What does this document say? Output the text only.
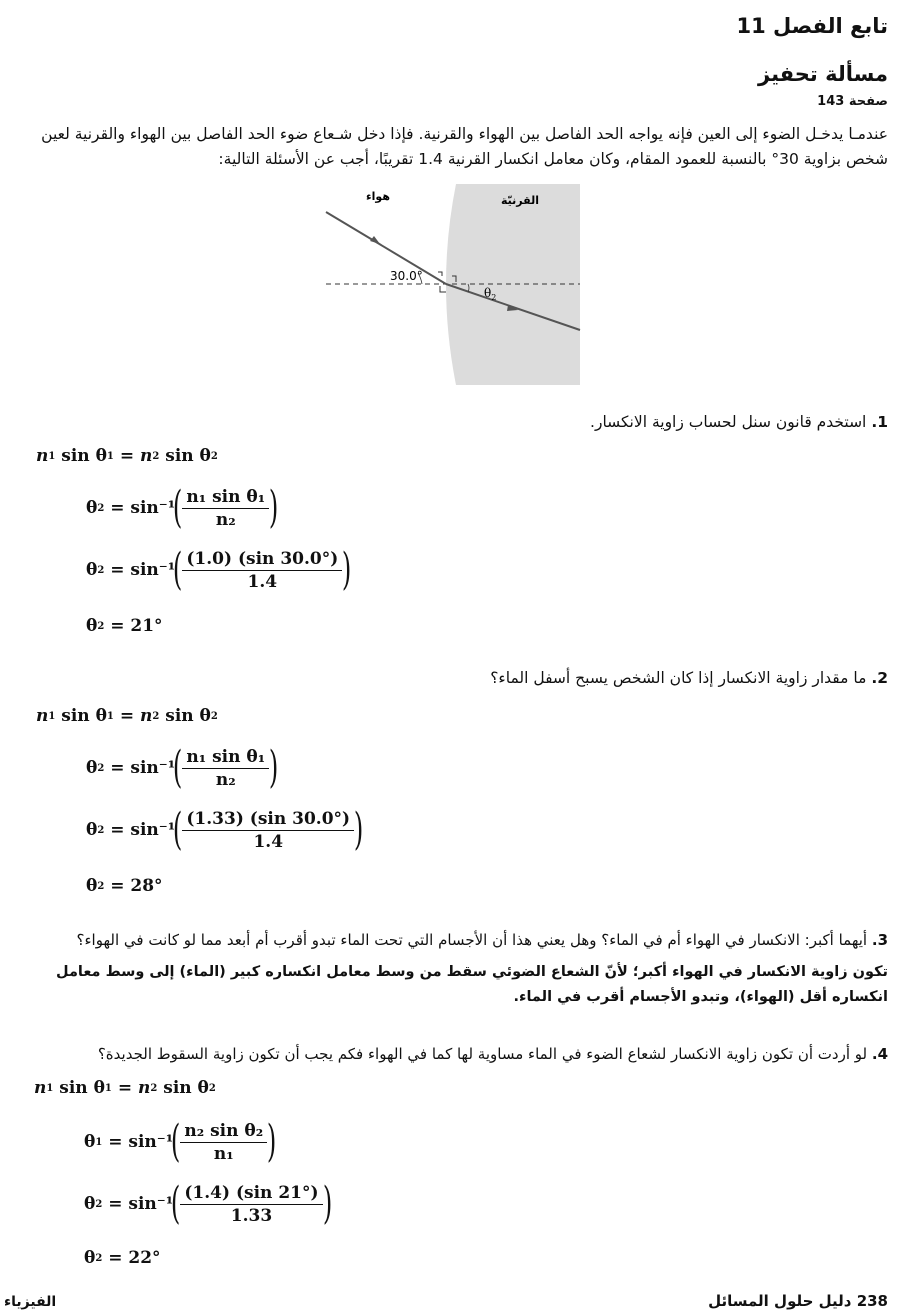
تابع الفصل 11
مسألة تحفيز
صفحة 143
عندمـا يدخـل الضوء إلى العين فإنه يواجه الحد الفاصل بين الهواء والقرنية. فإذا دخل شـعاع ضوء الحد الفاصل بين الهواء والقرنية لعين شخص بزاوية 30° بالنسبة للعمود المقام، وكان معامل انكسار القرنية 1.4 تقريبًا، أجب عن الأسئلة التالية:
هواء	القرنيّة
30.0°
$\theta_2$
1. استخدم قانون سنل لحساب زاوية الانكسار.
n 1
sin θ 1
=
n 2
sin θ 2
θ 2
= sin⁻¹
( $\frac{\text{n₁ sin θ₁}}{\text{n₂}}$ )
θ 2
= sin⁻¹
( $\frac{(1.0) (\sin 30.0^\circ)}{1.4}$ )
θ 2
= 21°
2. ما مقدار زاوية الانكسار إذا كان الشخص يسبح أسفل الماء؟
n 1
sin θ 1
=
n 2
sin θ 2
θ 2
= sin⁻¹
( $\frac{\text{n₁ sin θ₁}}{\text{n₂}}$ )
θ 2
= sin⁻¹
( $\frac{(1.33) (\sin 30.0^\circ)}{1.4}$ )
θ 2
= 28°
3. أيهما أكبر: الانكسار في الهواء أم في الماء؟ وهل يعني هذا أن الأجسام التي تحت الماء تبدو أقرب أم أبعد مما لو كانت في الهواء؟
تكون زاوية الانكسار في الهواء أكبر؛ لأنّ الشعاع الضوئي سقط من وسط معامل انكساره كبير (الماء) إلى وسط معامل انكساره أقل (الهواء)، وتبدو الأجسام أقرب في الماء.
4. لو أردت أن تكون زاوية الانكسار لشعاع الضوء في الماء مساوية لها كما في الهواء فكم يجب أن تكون زاوية السقوط الجديدة؟
n 1
sin θ 1
=
n 2
sin θ 2
θ 1
= sin⁻¹
( $\frac{\text{n₂ sin θ₂}}{\text{n₁}}$ )
θ 2
= sin⁻¹
( $\frac{(1.4) (\sin 21^\circ)}{1.33}$ )
θ 2
= 22°
الفيزياء	238 دليل حلول المسائل
